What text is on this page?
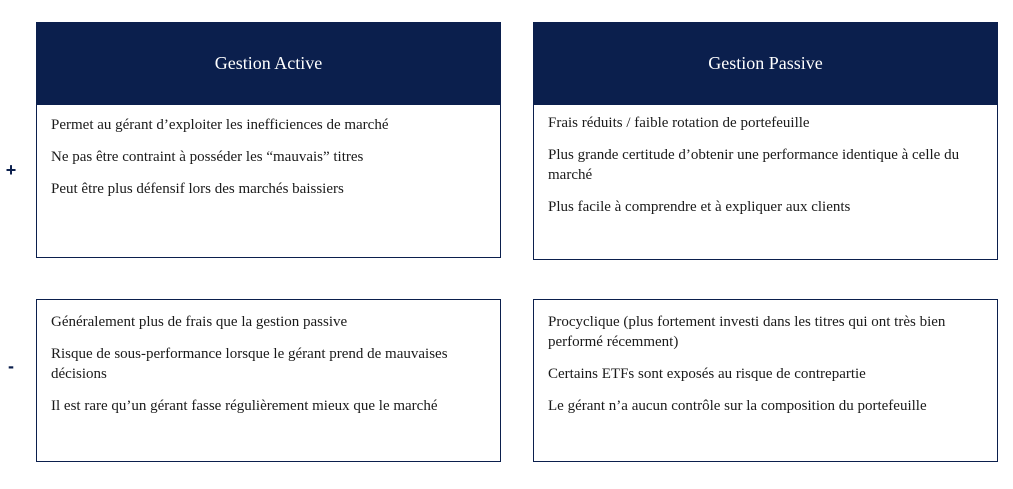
+
-
Gestion Active	Gestion Passive

Permet au gérant d’exploiter les inefficiences de marché

Ne pas être contraint à posséder les “mauvais” titres

Peut être plus défensif lors des marchés baissiers

Frais réduits / faible rotation de portefeuille

Plus grande certitude d’obtenir une performance identique à celle du marché

Plus facile à comprendre et à expliquer aux clients

Généralement plus de frais que la gestion passive

Risque de sous-performance lorsque le gérant prend de mauvaises décisions

Il est rare qu’un gérant fasse régulièrement mieux que le marché

Procyclique (plus fortement investi dans les titres qui ont très bien performé récemment)

Certains ETFs sont exposés au risque de contrepartie

Le gérant n’a aucun contrôle sur la composition du portefeuille
